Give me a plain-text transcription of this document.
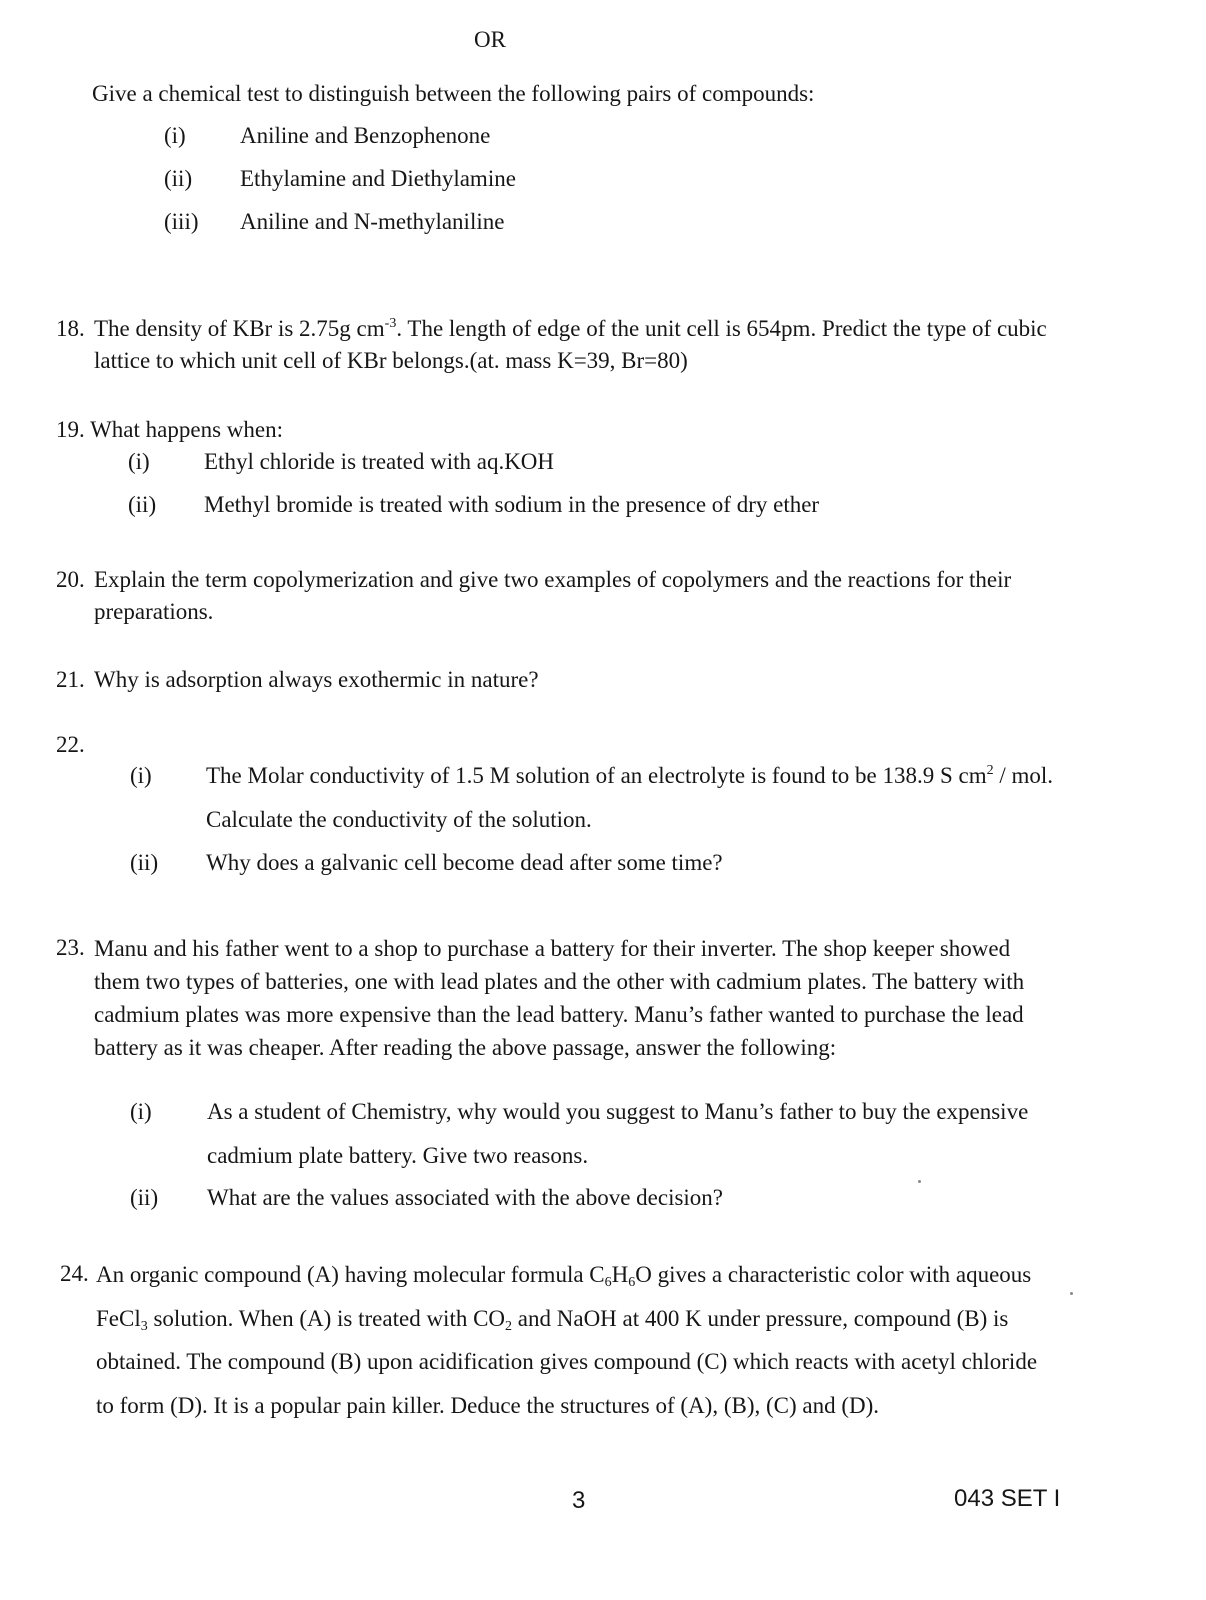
OR

Give a chemical test to distinguish between the following pairs of compounds:

(i) Aniline and Benzophenone
(ii) Ethylamine and Diethylamine
(iii) Aniline and N-methylaniline
18. The density of KBr is 2.75g $cm^{-3}$. The length of edge of the unit cell is 654pm. Predict the type of cubic
lattice to which unit cell of KBr belongs.(at. mass K=39, Br=80)

19. What happens when:

(i) Ethyl chloride is treated with aq.KOH
(ii) Methyl bromide is treated with sodium in the presence of dry ether
20. Explain the term copolymerization and give two examples of copolymers and the reactions for their
preparations.
21. Why is adsorption always exothermic in nature?

22.

(i) The Molar conductivity of 1.5 M solution of an electrolyte is found to be 138.9 S $cm^2$ / mol.
Calculate the conductivity of the solution.
(ii) Why does a galvanic cell become dead after some time?
23. Manu and his father went to a shop to purchase a battery for their inverter. The shop keeper showed
them two types of batteries, one with lead plates and the other with cadmium plates. The battery with
cadmium plates was more expensive than the lead battery. Manu’s father wanted to purchase the lead
battery as it was cheaper. After reading the above passage, answer the following:
(i) As a student of Chemistry, why would you suggest to Manu’s father to buy the expensive
cadmium plate battery. Give two reasons.
(ii) What are the values associated with the above decision?
24. An organic compound (A) having molecular formula $C_6H_6O$ gives a characteristic color with aqueous
FeCl$_3$ solution. When (A) is treated with $CO_2$ and NaOH at 400 K under pressure, compound (B) is
obtained. The compound (B) upon acidification gives compound (C) which reacts with acetyl chloride
to form (D). It is a popular pain killer. Deduce the structures of (A), (B), (C) and (D).
3	043 SET I
